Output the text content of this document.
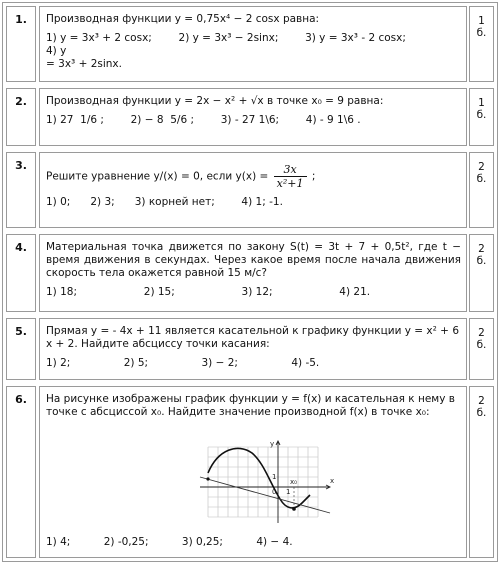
1.	Производная функции y = 0,75x⁴ − 2 cosx равна:
1) y = 3x³ + 2 cosx;        2) y = 3x³ − 2sinx;        3) y = 3x³ - 2 cosx;              4) y
= 3x³ + 2sinx.
1
б.
2.	Производная функции y = 2x − x² + √x в точке x₀ = 9 равна:
1) 27  1/6 ;        2) − 8  5/6 ;        3) - 27 1\6;        4) - 9 1\6 .
1
б.
3.
Решите уравнение y/(x) = 0, если $y(x) = \frac{3x}{\text{x²+1}}$ ;
1) 0;      2) 3;      3) корней нет;        4) 1; -1.
2
б.
4.	Материальная точка движется по закону S(t) = 3t + 7 + 0,5t², где t − время движения в секундах. Через какое время после начала движения скорость тела окажется равной 15 м/с?
1) 18;                    2) 15;                    3) 12;                    4) 21.
2
б.
5.	Прямая y = - 4x + 11 является касательной к графику функции y = x² + 6 x + 2. Найдите абсциссу точки касания:
1) 2;                2) 5;                3) − 2;                4) -5.
2
б.
6.	На рисунке изображены график функции y = f(x) и касательная к нему в точке с абсциссой x₀. Найдите значение производной f(x) в точке x₀:
y
x
1
1
0
x₀
1) 4;          2) -0,25;          3) 0,25;          4) − 4.
2
б.
